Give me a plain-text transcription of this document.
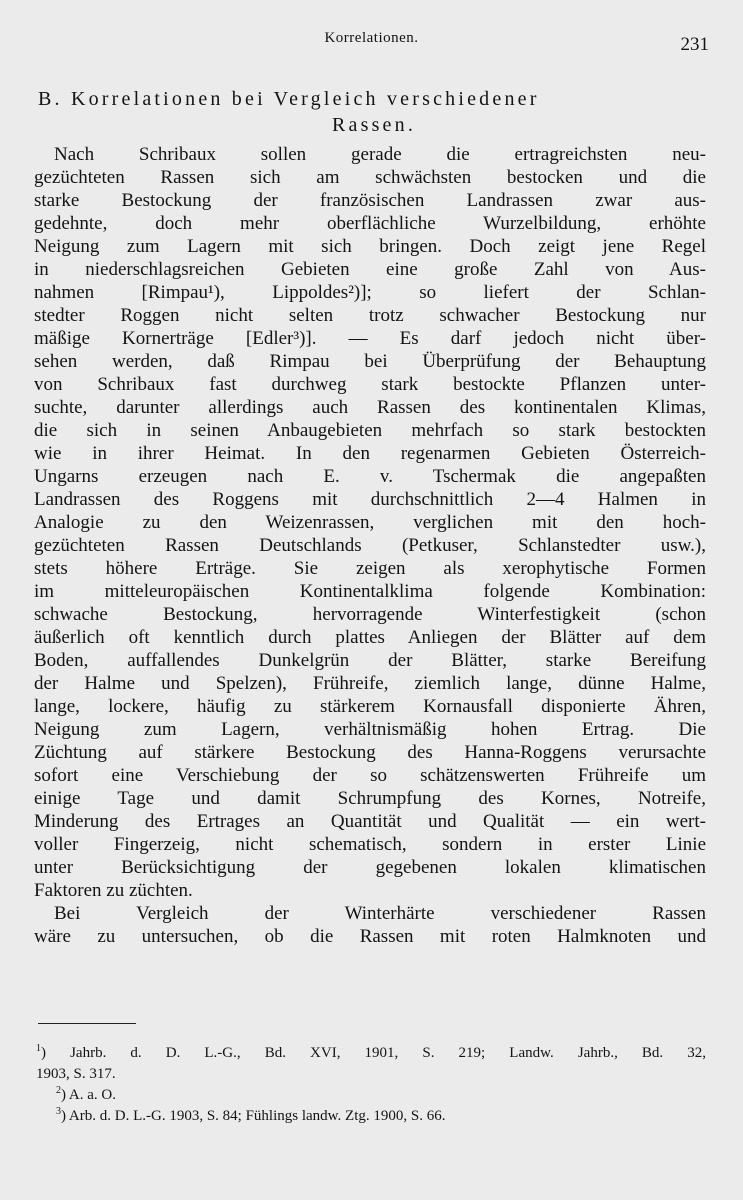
Korrelationen.	231
B. Korrelationen bei Vergleich verschiedener
Rassen.
Nach Schribaux sollen gerade die ertragreichsten neu-
gezüchteten Rassen sich am schwächsten bestocken und die
starke Bestockung der französischen Landrassen zwar aus-
gedehnte, doch mehr oberflächliche Wurzelbildung, erhöhte
Neigung zum Lagern mit sich bringen. Doch zeigt jene Regel
in niederschlagsreichen Gebieten eine große Zahl von Aus-
nahmen [Rimpau¹), Lippoldes²)]; so liefert der Schlan-
stedter Roggen nicht selten trotz schwacher Bestockung nur
mäßige Kornerträge [Edler³)]. — Es darf jedoch nicht über-
sehen werden, daß Rimpau bei Überprüfung der Behauptung
von Schribaux fast durchweg stark bestockte Pflanzen unter-
suchte, darunter allerdings auch Rassen des kontinentalen Klimas,
die sich in seinen Anbaugebieten mehrfach so stark bestockten
wie in ihrer Heimat. In den regenarmen Gebieten Österreich-
Ungarns erzeugen nach E. v. Tschermak die angepaßten
Landrassen des Roggens mit durchschnittlich 2—4 Halmen in
Analogie zu den Weizenrassen, verglichen mit den hoch-
gezüchteten Rassen Deutschlands (Petkuser, Schlanstedter usw.),
stets höhere Erträge. Sie zeigen als xerophytische Formen
im mitteleuropäischen Kontinentalklima folgende Kombination:
schwache Bestockung, hervorragende Winterfestigkeit (schon
äußerlich oft kenntlich durch plattes Anliegen der Blätter auf dem
Boden, auffallendes Dunkelgrün der Blätter, starke Bereifung
der Halme und Spelzen), Frühreife, ziemlich lange, dünne Halme,
lange, lockere, häufig zu stärkerem Kornausfall disponierte Ähren,
Neigung zum Lagern, verhältnismäßig hohen Ertrag. Die
Züchtung auf stärkere Bestockung des Hanna-Roggens verursachte
sofort eine Verschiebung der so schätzenswerten Frühreife um
einige Tage und damit Schrumpfung des Kornes, Notreife,
Minderung des Ertrages an Quantität und Qualität — ein wert-
voller Fingerzeig, nicht schematisch, sondern in erster Linie
unter Berücksichtigung der gegebenen lokalen klimatischen
Faktoren zu züchten.
Bei Vergleich der Winterhärte verschiedener Rassen
wäre zu untersuchen, ob die Rassen mit roten Halmknoten und
$^1$) Jahrb. d. D. L.-G., Bd. XVI, 1901, S. 219; Landw. Jahrb., Bd. 32,
1903, S. 317.
$^2$) A. a. O.
$^3$) Arb. d. D. L.-G. 1903, S. 84; Fühlings landw. Ztg. 1900, S. 66.
